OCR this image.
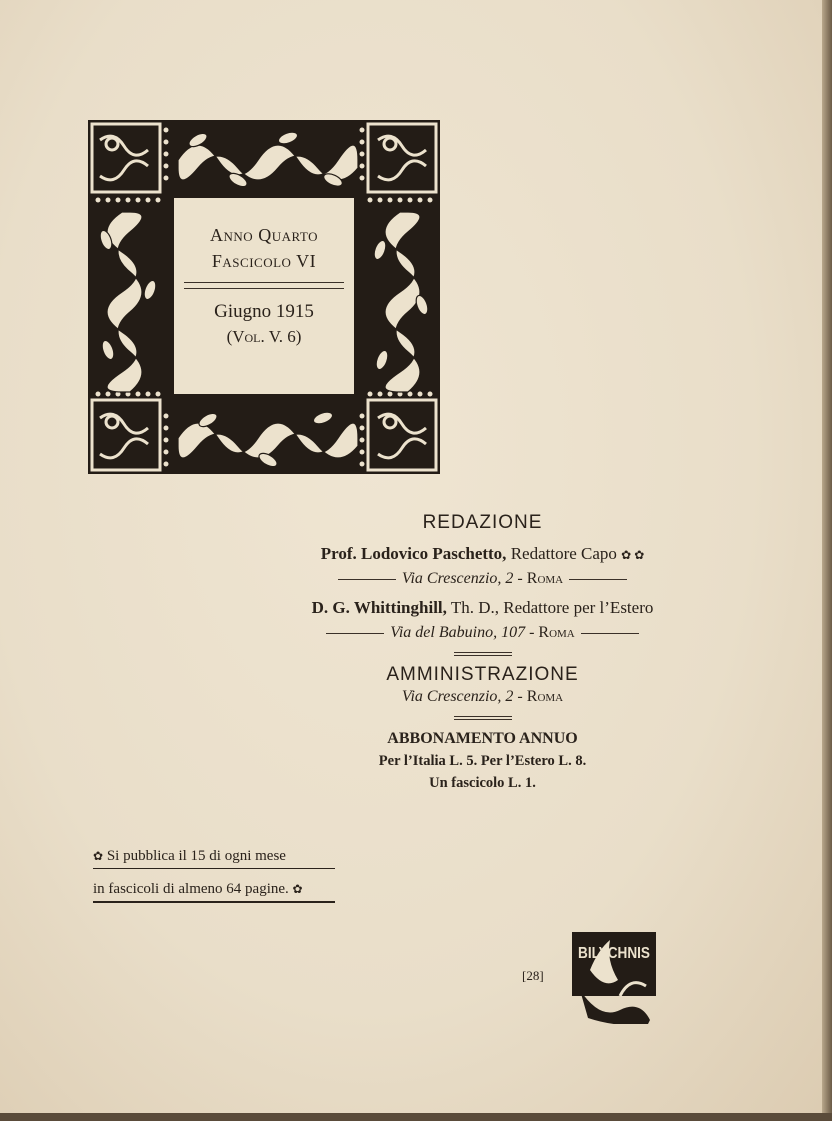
Anno Quarto
Fascicolo VI
Giugno 1915
(Vol. V. 6)
REDAZIONE
Prof. Lodovico Paschetto, Redattore Capo ✿ ✿
Via Crescenzio, 2 - Roma
D. G. Whittinghill, Th. D., Redattore per l’Estero
Via del Babuino, 107 - Roma
AMMINISTRAZIONE
Via Crescenzio, 2 - Roma
ABBONAMENTO ANNUO
Per l’Italia L. 5. Per l’Estero L. 8.
Un fascicolo L. 1.
✿ Si pubblica il 15 di ogni mese
in fascicoli di almeno 64 pagine. ✿
[28]
BILYCHNIS
